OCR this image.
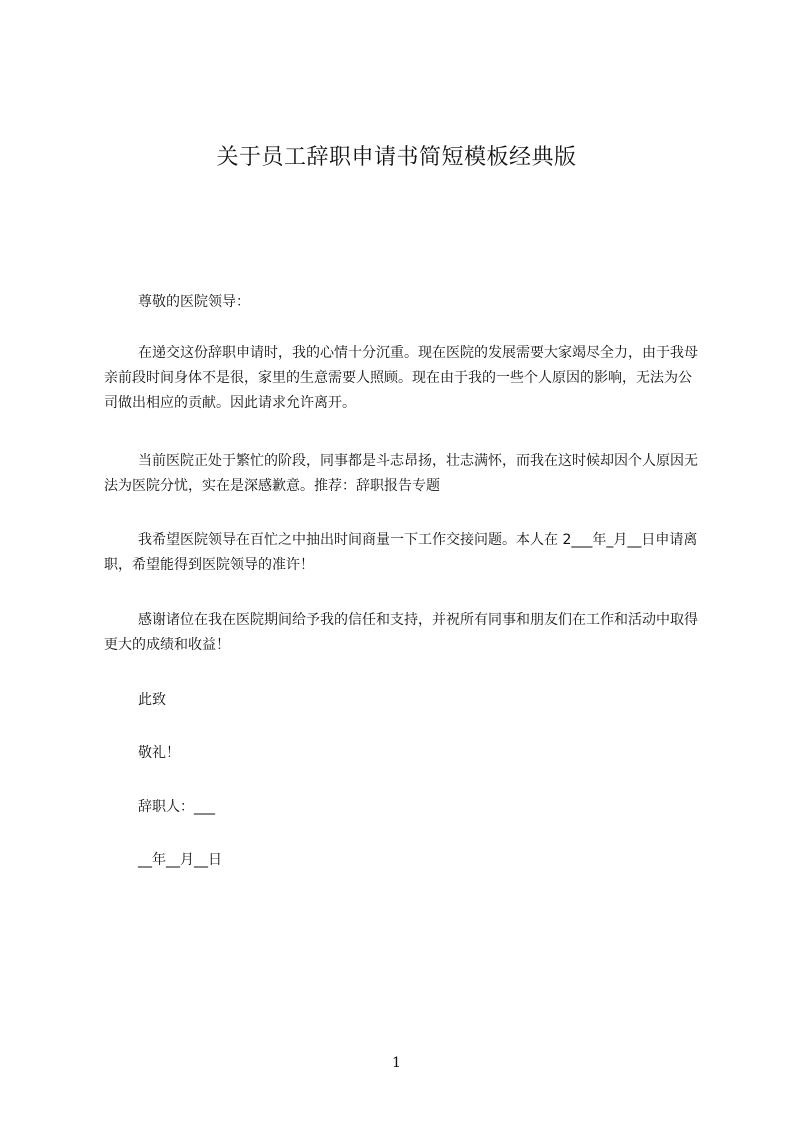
关于员工辞职申请书简短模板经典版

尊敬的医院领导：

在递交这份辞职申请时，我的心情十分沉重。现在医院的发展需要大家竭尽全力，由于我母亲前段时间身体不是很，家里的生意需要人照顾。现在由于我的一些个人原因的影响，无法为公司做出相应的贡献。因此请求允许离开。

当前医院正处于繁忙的阶段，同事都是斗志昂扬，壮志满怀，而我在这时候却因个人原因无法为医院分忧，实在是深感歉意。推荐：辞职报告专题

我希望医院领导在百忙之中抽出时间商量一下工作交接问题。本人在 2___年_月__日申请离职，希望能得到医院领导的准许！

感谢诸位在我在医院期间给予我的信任和支持，并祝所有同事和朋友们在工作和活动中取得更大的成绩和收益！

此致

敬礼！

辞职人：___

__年__月__日

1
